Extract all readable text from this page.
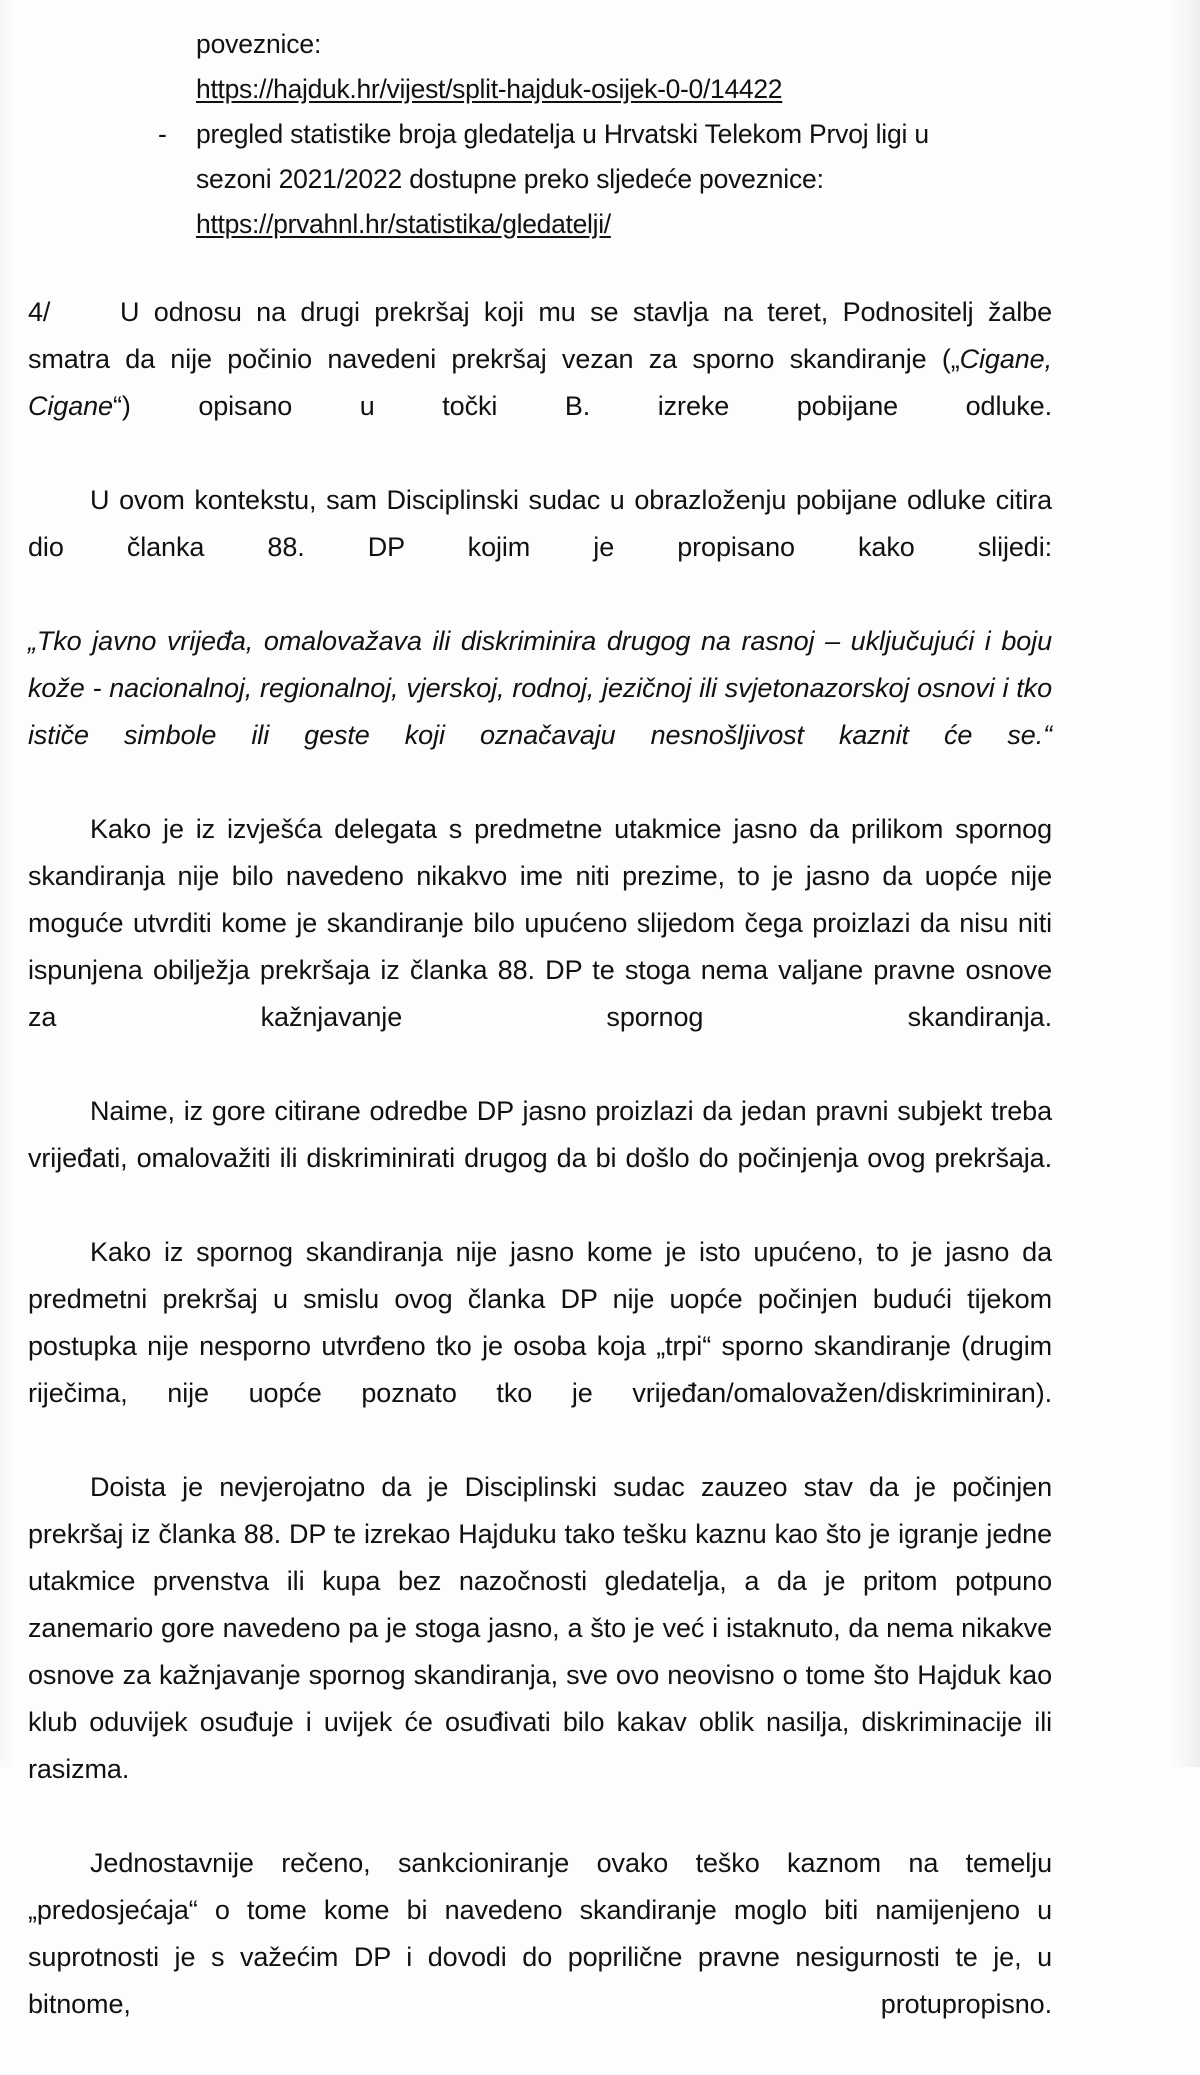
poveznice:
https://hajduk.hr/vijest/split-hajduk-osijek-0-0/14422
-	pregled statistike broja gledatelja u Hrvatski Telekom Prvoj ligi u
sezoni 2021/2022 dostupne preko sljedeće poveznice:
https://prvahnl.hr/statistika/gledatelji/

4/	U odnosu na drugi prekršaj koji mu se stavlja na teret, Podnositelj žalbe smatra da nije počinio navedeni prekršaj vezan za sporno skandiranje („Cigane, Cigane“) opisano u točki B. izreke pobijane odluke.

U ovom kontekstu, sam Disciplinski sudac u obrazloženju pobijane odluke citira dio članka 88. DP kojim je propisano kako slijedi:

„Tko javno vrijeđa, omalovažava ili diskriminira drugog na rasnoj – uključujući i boju kože - nacionalnoj, regionalnoj, vjerskoj, rodnoj, jezičnoj ili svjetonazorskoj osnovi i tko ističe simbole ili geste koji označavaju nesnošljivost kaznit će se.“

Kako je iz izvješća delegata s predmetne utakmice jasno da prilikom spornog skandiranja nije bilo navedeno nikakvo ime niti prezime, to je jasno da uopće nije moguće utvrditi kome je skandiranje bilo upućeno slijedom čega proizlazi da nisu niti ispunjena obilježja prekršaja iz članka 88. DP te stoga nema valjane pravne osnove za kažnjavanje spornog skandiranja.

Naime, iz gore citirane odredbe DP jasno proizlazi da jedan pravni subjekt treba vrijeđati, omalovažiti ili diskriminirati drugog da bi došlo do počinjenja ovog prekršaja.

Kako iz spornog skandiranja nije jasno kome je isto upućeno, to je jasno da predmetni prekršaj u smislu ovog članka DP nije uopće počinjen budući tijekom postupka nije nesporno utvrđeno tko je osoba koja „trpi“ sporno skandiranje (drugim riječima, nije uopće poznato tko je vrijeđan/omalovažen/diskriminiran).

Doista je nevjerojatno da je Disciplinski sudac zauzeo stav da je počinjen prekršaj iz članka 88. DP te izrekao Hajduku tako tešku kaznu kao što je igranje jedne utakmice prvenstva ili kupa bez nazočnosti gledatelja, a da je pritom potpuno zanemario gore navedeno pa je stoga jasno, a što je već i istaknuto, da nema nikakve osnove za kažnjavanje spornog skandiranja, sve ovo neovisno o tome što Hajduk kao klub oduvijek osuđuje i uvijek će osuđivati bilo kakav oblik nasilja, diskriminacije ili rasizma.

Jednostavnije rečeno, sankcioniranje ovako teško kaznom na temelju „predosjećaja“ o tome kome bi navedeno skandiranje moglo biti namijenjeno u suprotnosti je s važećim DP i dovodi do poprilične pravne nesigurnosti te je, u bitnome, protupropisno.
